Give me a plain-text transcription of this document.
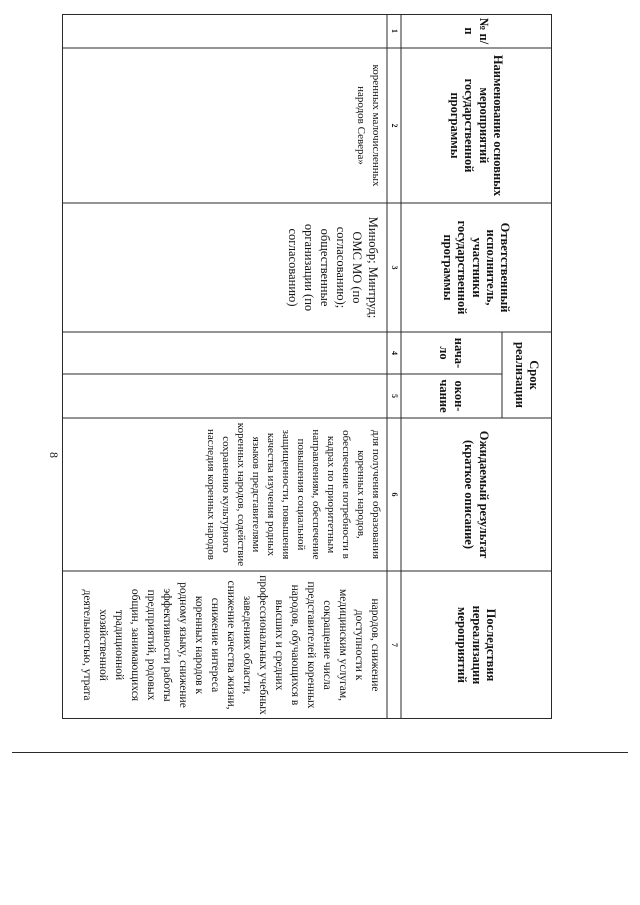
8
№ п/п
Наименование основных мероприятий государственной программы
Ответственный исполнитель, участники государственной программы
Срок реализации
нача-ло
окон-чание
Ожидаемый результат (краткое описание)
Последствия нереализации мероприятий
1
2
3
4
5
6
7
коренных малочисленных народов Севера»
Минобр; Минтруд; ОМС МО (по согласованию); общественные организации (по согласованию)
для получения образования коренных народов, обеспечение потребности в кадрах по приоритетным направлениям, обеспечение повышения социальной защищенности, повышения качества изучения родных языков представителями коренных народов, содействие сохранению культурного наследия коренных народов
народов, снижение доступности к медицинским услугам, сокращение числа представителей коренных народов, обучающихся в высших и средних профессиональных учебных заведениях области, снижение качества жизни, снижение интереса коренных народов к родному языку, снижение эффективности работы предприятий, родовых общин, занимающихся традиционной хозяйственной деятельностью, утрата
